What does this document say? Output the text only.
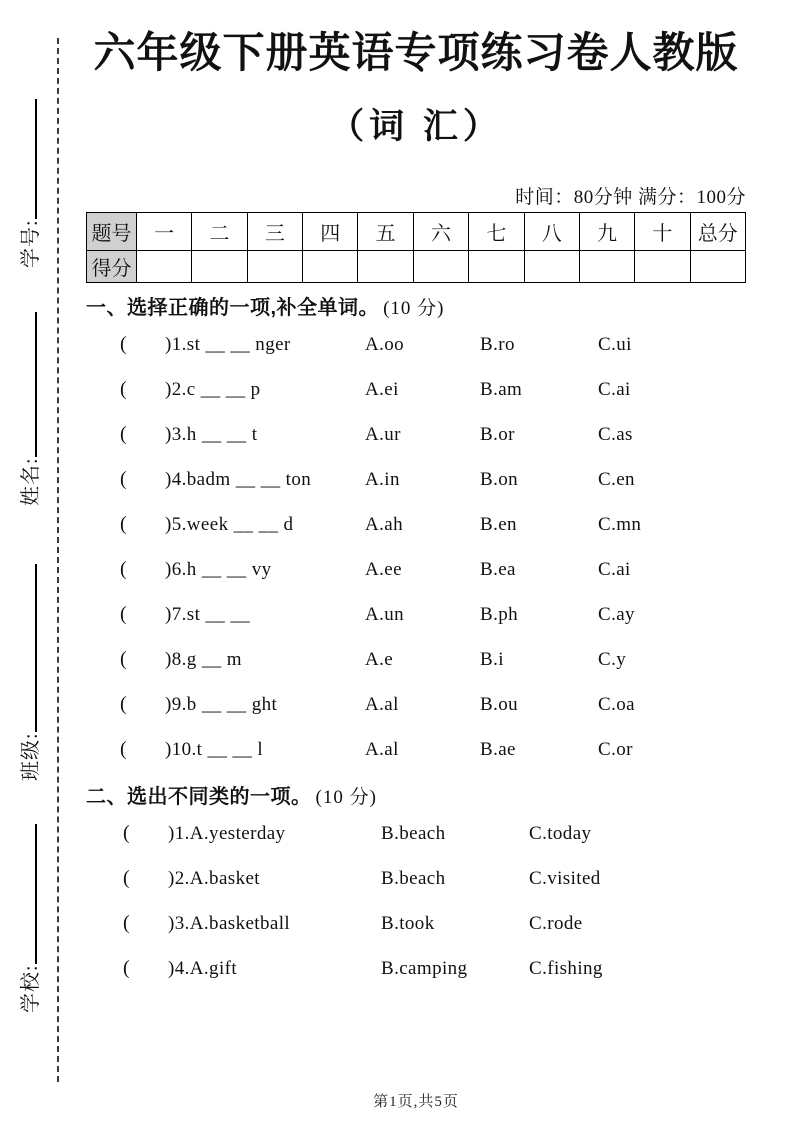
学号:
姓名:
班级:
学校:
六年级下册英语专项练习卷人教版
（词 汇）
时间：80分钟 满分：100分
题号	一	二	三	四	五	六	七	八	九	十	总分
得分											
一、选择正确的一项,补全单词。 (10 分)
(	)1.st __ __ nger	A.oo	B.ro	C.ui
(	)2.c __ __ p	A.ei	B.am	C.ai
(	)3.h __ __ t	A.ur	B.or	C.as
(	)4.badm __ __ ton	A.in	B.on	C.en
(	)5.week __ __ d	A.ah	B.en	C.mn
(	)6.h __ __ vy	A.ee	B.ea	C.ai
(	)7.st __ __	A.un	B.ph	C.ay
(	)8.g __ m	A.e	B.i	C.y
(	)9.b __ __ ght	A.al	B.ou	C.oa
(	)10.t __ __ l	A.al	B.ae	C.or
二、选出不同类的一项。 (10 分)
(	)1.A.yesterday	B.beach	C.today
(	)2.A.basket	B.beach	C.visited
(	)3.A.basketball	B.took	C.rode
(	)4.A.gift	B.camping	C.fishing
第1页,共5页
